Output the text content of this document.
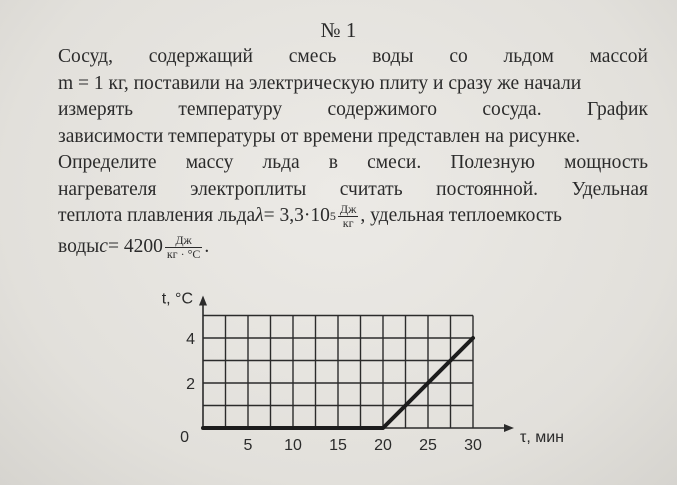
№ 1
Сосуд, содержащий смесь воды со льдом массой
m = 1 кг, поставили на электрическую плиту и сразу же начали
измерять температуру содержимого сосуда. График
зависимости температуры от времени представлен на рисунке.
Определите массу льда в смеси. Полезную мощность
нагревателя электроплиты считать постоянной. Удельная
теплота плавления льда λ = 3,3·10 $5 \frac{Дж}{кг}$ , удельная теплоемкость
воды $c = 4200 \frac{Дж}{кг \cdot ^\circ C}$ .
t, °C
τ, мин
0	5 10 15 20 25 30
2
4
